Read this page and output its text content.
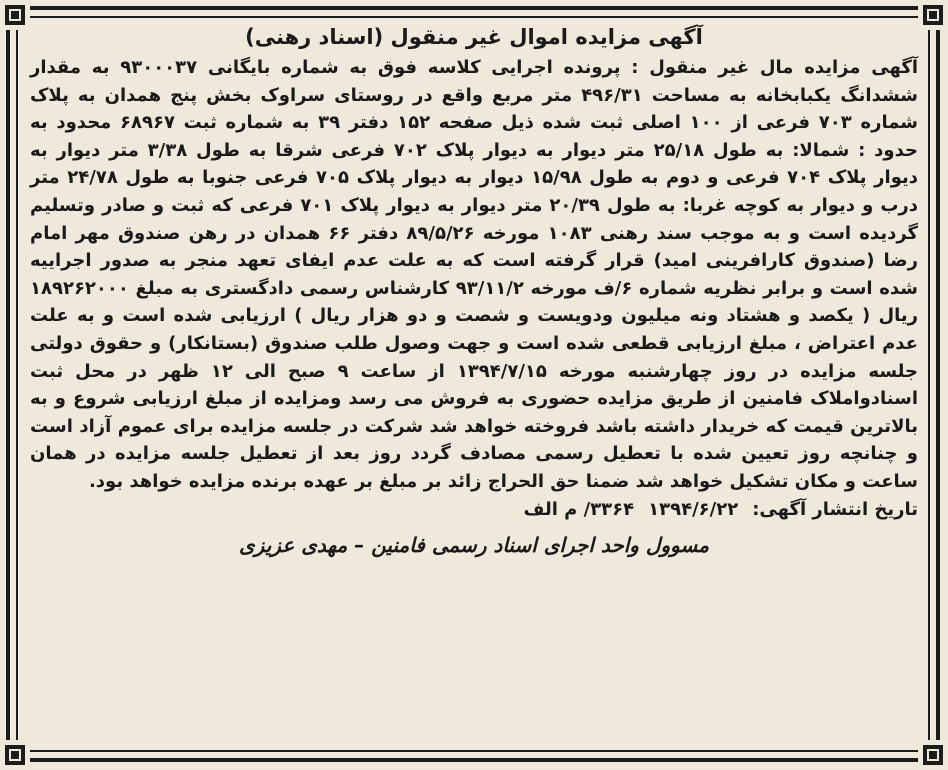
آگهی مزایده اموال غیر منقول (اسناد رهنی)

آگهی مزایده مال غیر منقول : پرونده اجرایی کلاسه فوق به شماره بایگانی ۹۳۰۰۰۳۷ به مقدار ششدانگ یکبابخانه به مساحت ۴۹۶/۳۱ متر مربع واقع در روستای سراوک بخش پنج همدان به پلاک شماره ۷۰۳ فرعی از ۱۰۰ اصلی ثبت شده ذیل صفحه ۱۵۲ دفتر ۳۹ به شماره ثبت ۶۸۹۶۷ محدود به حدود : شمالا: به طول ۲۵/۱۸ متر دیوار به دیوار پلاک ۷۰۲ فرعی شرقا به طول ۳/۳۸ متر دیوار به دیوار پلاک ۷۰۴ فرعی و دوم به طول ۱۵/۹۸ دیوار به دیوار پلاک ۷۰۵ فرعی جنوبا به طول ۲۴/۷۸ متر درب و دیوار به کوچه غربا: به طول ۲۰/۳۹ متر دیوار به دیوار پلاک ۷۰۱ فرعی که ثبت و صادر وتسلیم گردیده است و به موجب سند رهنی ۱۰۸۳ مورخه ۸۹/۵/۲۶ دفتر ۶۶ همدان در رهن صندوق مهر امام رضا (صندوق کارافرینی امید) قرار گرفته است که به علت عدم ایفای تعهد منجر به صدور اجراییه شده است و برابر نظریه شماره ۶/ف مورخه ۹۳/۱۱/۲ کارشناس رسمی دادگستری به مبلغ ۱۸۹۲۶۲۰۰۰ ریال ( یکصد و هشتاد ونه میلیون ودویست و شصت و دو هزار ریال ) ارزیابی شده است و به علت عدم اعتراض ، مبلغ ارزیابی قطعی شده است و جهت وصول طلب صندوق (بستانکار) و حقوق دولتی جلسه مزایده در روز چهارشنبه مورخه ۱۳۹۴/۷/۱۵ از ساعت ۹ صبح الی ۱۲ ظهر در محل ثبت اسنادواملاک فامنین از طریق مزایده حضوری به فروش می رسد ومزایده از مبلغ ارزیابی شروع و به بالاترین قیمت که خریدار داشته باشد فروخته خواهد شد شرکت در جلسه مزایده برای عموم آزاد است و چنانچه روز تعیین شده با تعطیل رسمی مصادف گردد روز بعد از تعطیل جلسه مزایده در همان ساعت و مکان تشکیل خواهد شد ضمنا حق الحراج زائد بر مبلغ بر عهده برنده مزایده خواهد بود.

تاریخ انتشار آگهی:
۱۳۹۴/۶/۲۲
۳۳۶۴/ م الف
مسوول واحد اجرای اسناد رسمی فامنین – مهدی عزیزی
